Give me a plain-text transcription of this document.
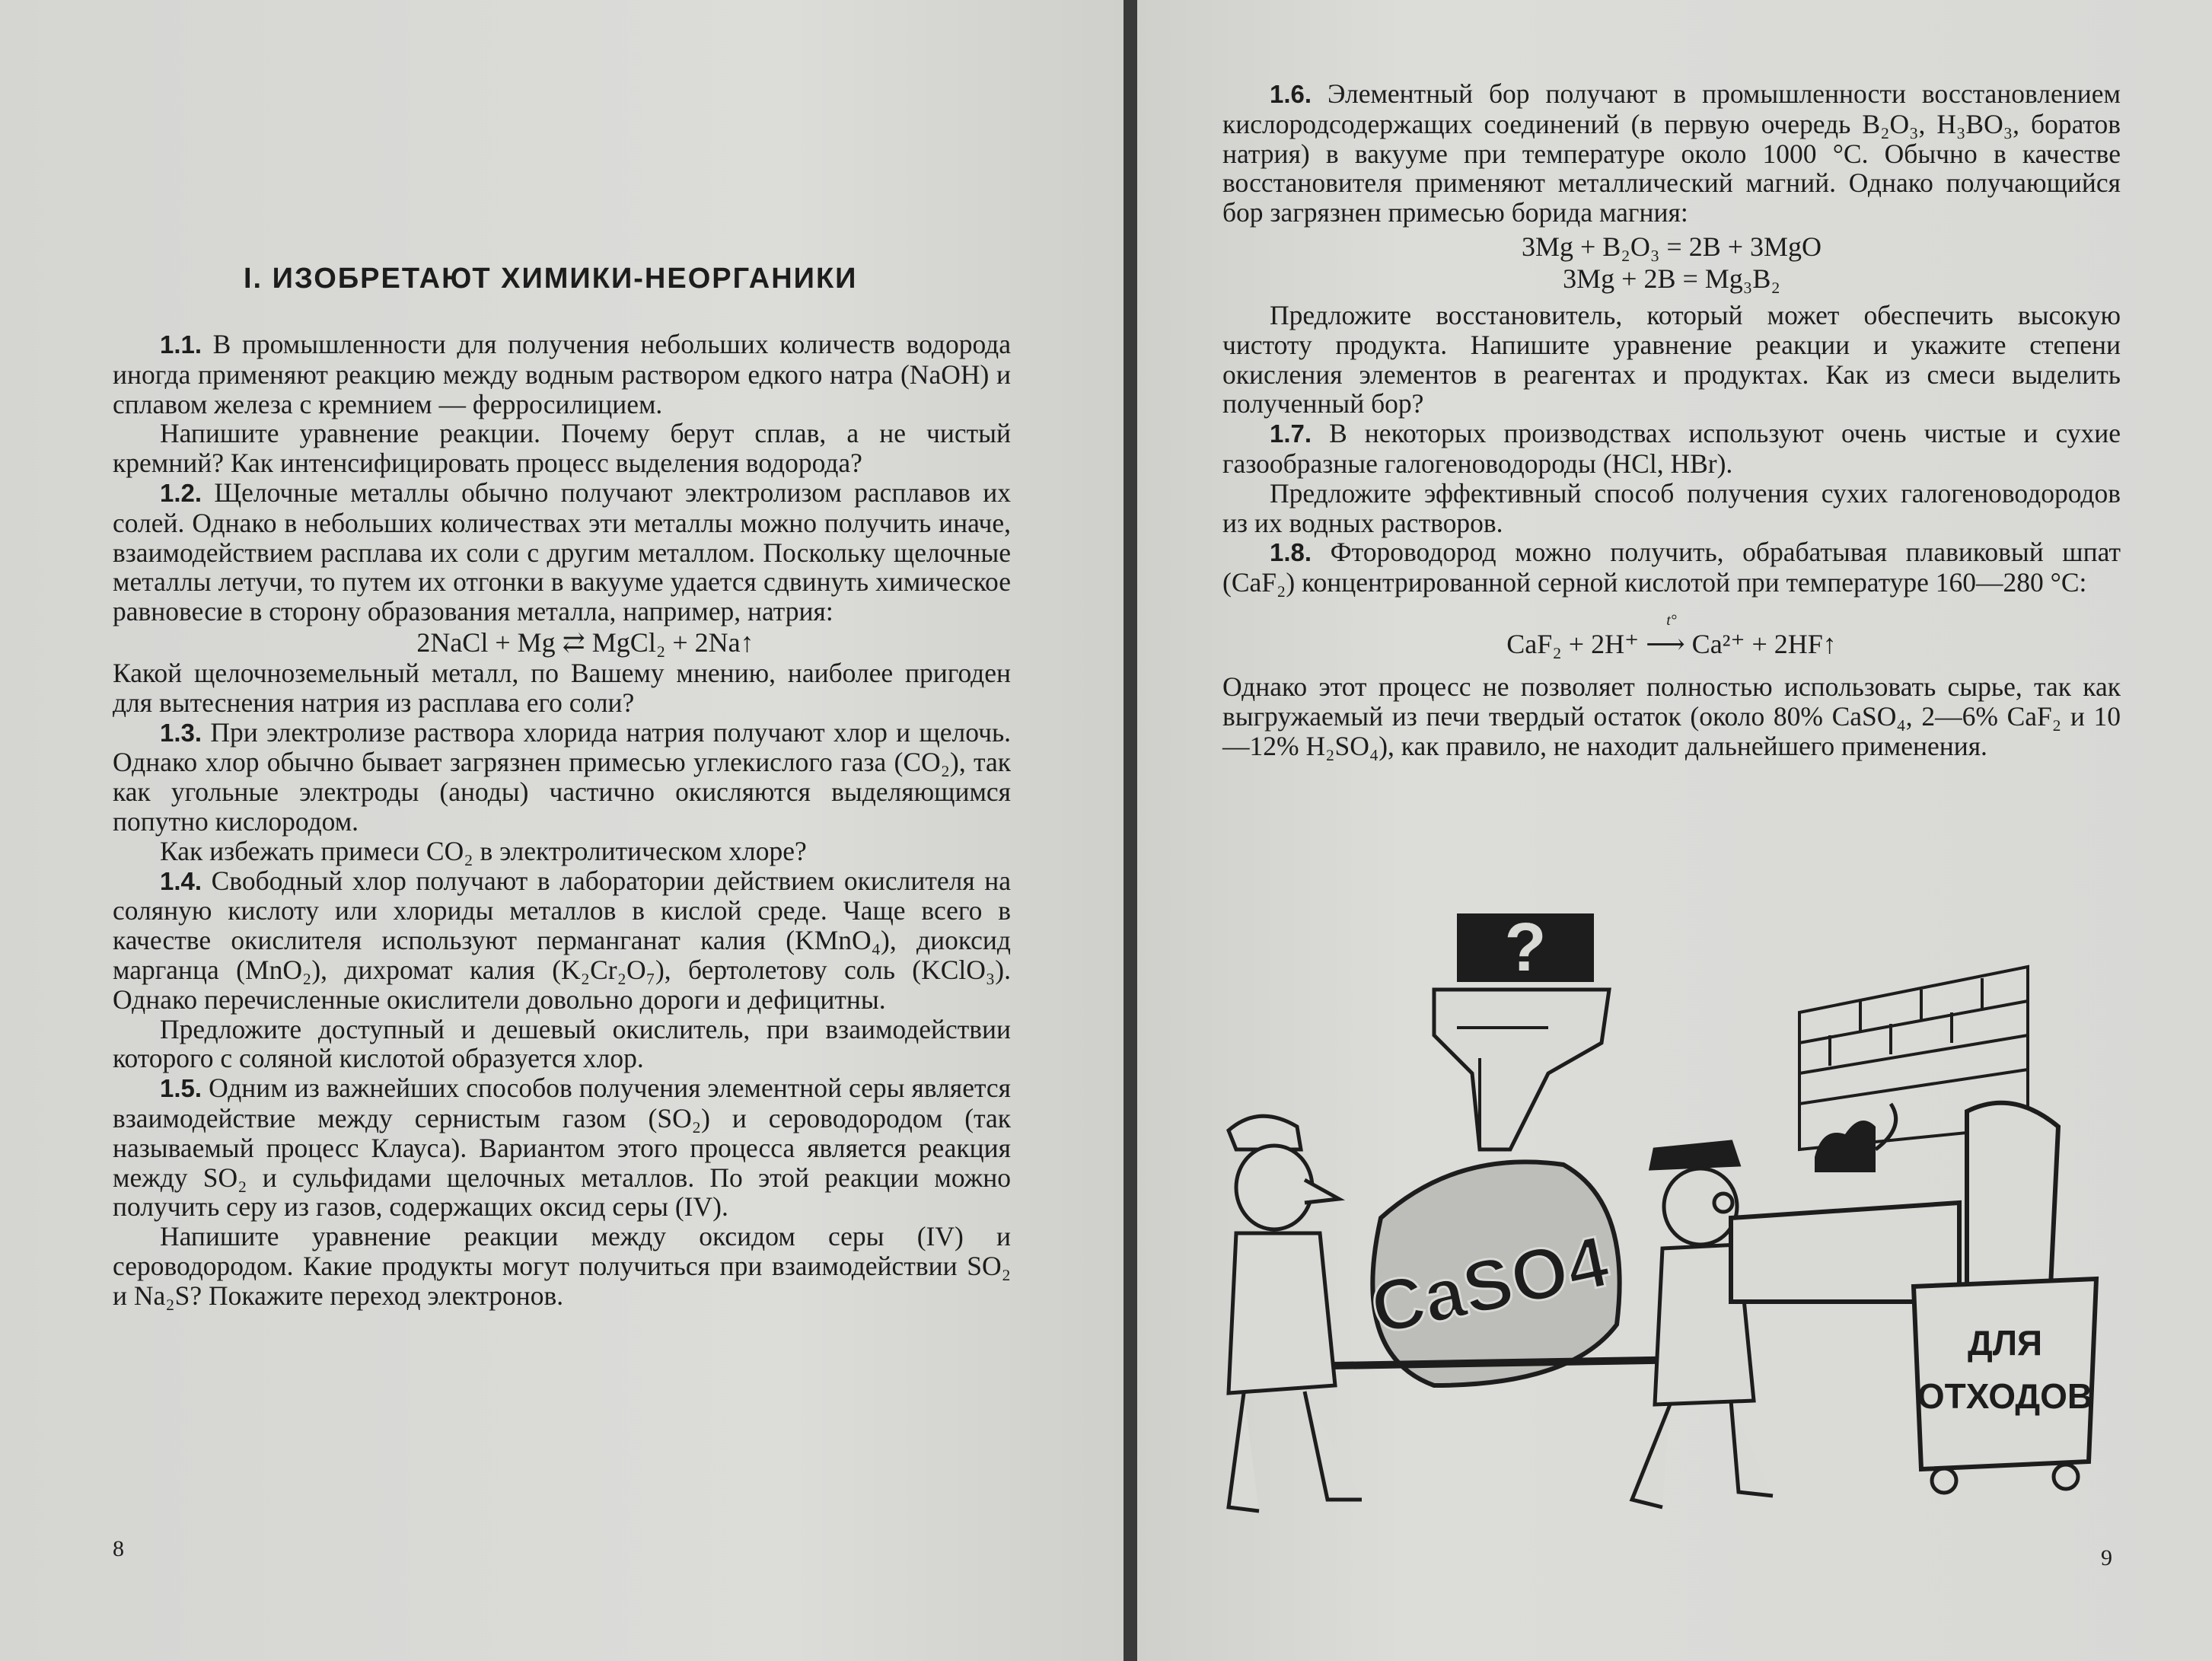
I. ИЗОБРЕТАЮТ ХИМИКИ-НЕОРГАНИКИ

1.1. В промышленности для получения небольших количеств водорода иногда применяют реакцию между водным раствором едкого натра (NaOH) и сплавом железа с кремнием — ферросилицием.

Напишите уравнение реакции. Почему берут сплав, а не чистый кремний? Как интенсифицировать процесс выделения водорода?

1.2. Щелочные металлы обычно получают электролизом расплавов их солей. Однако в небольших количествах эти металлы можно получить иначе, взаимодействием расплава их соли с другим металлом. Поскольку щелочные металлы летучи, то путем их отгонки в вакууме удается сдвинуть химическое равновесие в сторону образования металла, например, натрия:

2NaCl + Mg ⇄ MgCl₂ + 2Na↑

Какой щелочноземельный металл, по Вашему мнению, наиболее пригоден для вытеснения натрия из расплава его соли?

1.3. При электролизе раствора хлорида натрия получают хлор и щелочь. Однако хлор обычно бывает загрязнен примесью углекислого газа (CO₂), так как угольные электроды (аноды) частично окисляются выделяющимся попутно кислородом.

Как избежать примеси CO₂ в электролитическом хлоре?

1.4. Свободный хлор получают в лаборатории действием окислителя на соляную кислоту или хлориды металлов в кислой среде. Чаще всего в качестве окислителя используют перманганат калия (KMnO₄), диоксид марганца (MnO₂), дихромат калия (K₂Cr₂O₇), бертолетову соль (KClO₃). Однако перечисленные окислители довольно дороги и дефицитны.

Предложите доступный и дешевый окислитель, при взаимодействии которого с соляной кислотой образуется хлор.

1.5. Одним из важнейших способов получения элементной серы является взаимодействие между сернистым газом (SO₂) и сероводородом (так называемый процесс Клауса). Вариантом этого процесса является реакция между SO₂ и сульфидами щелочных металлов. По этой реакции можно получить серу из газов, содержащих оксид серы (IV).

Напишите уравнение реакции между оксидом серы (IV) и сероводородом. Какие продукты могут получиться при взаимодействии SO₂ и Na₂S? Покажите переход электронов.

8

1.6. Элементный бор получают в промышленности восстановлением кислородсодержащих соединений (в первую очередь B₂O₃, H₃BO₃, боратов натрия) в вакууме при температуре около 1000 °C. Обычно в качестве восстановителя применяют металлический магний. Однако получающийся бор загрязнен примесью борида магния:

3Mg + B₂O₃ = 2B + 3MgO
3Mg + 2B = Mg₃B₂

Предложите восстановитель, который может обеспечить высокую чистоту продукта. Напишите уравнение реакции и укажите степени окисления элементов в реагентах и продуктах. Как из смеси выделить полученный бор?

1.7. В некоторых производствах используют очень чистые и сухие газообразные галогеноводороды (HCl, HBr).

Предложите эффективный способ получения сухих галогеноводородов из их водных растворов.

1.8. Фтороводород можно получить, обрабатывая плавиковый шпат (CaF₂) концентрированной серной кислотой при температуре 160—280 °C:

t°
CaF₂ + 2H⁺ ⟶ Ca²⁺ + 2HF↑

Однако этот процесс не позволяет полностью использовать сырье, так как выгружаемый из печи твердый остаток (около 80% CaSO₄, 2—6% CaF₂ и 10—12% H₂SO₄), как правило, не находит дальнейшего применения.

?
CaSO4	ДЛЯ
ОТХОДОВ
9
